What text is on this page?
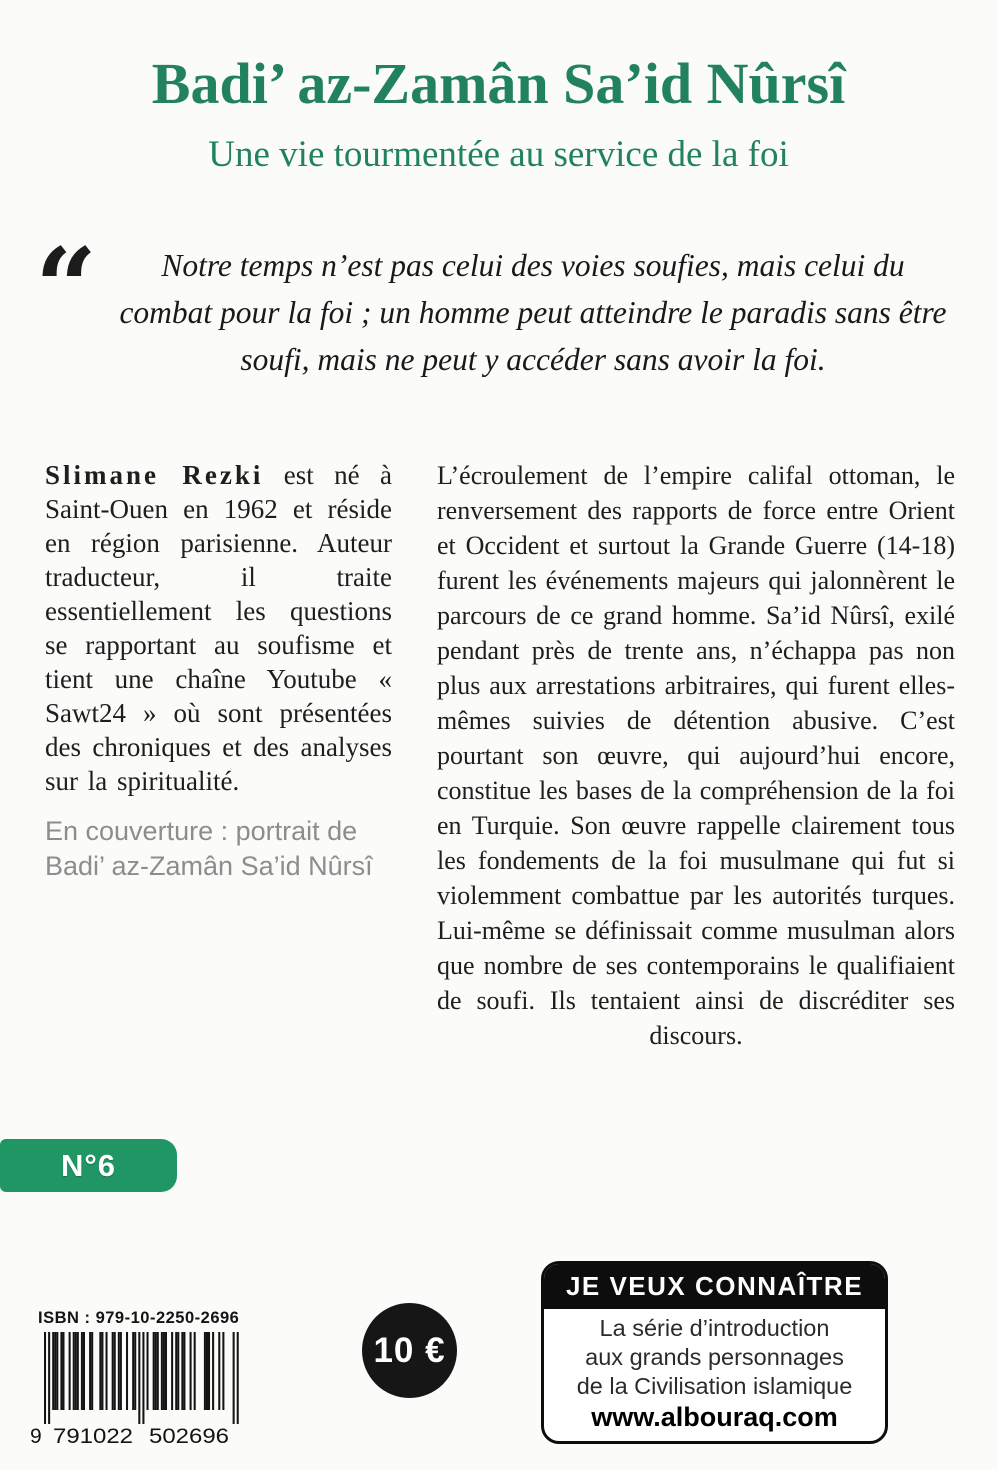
Badi’ az-Zamân Sa’id Nûrsî
Une vie tourmentée au service de la foi
“	Notre temps n’est pas celui des voies soufies, mais celui du combat pour la foi ; un homme peut atteindre le paradis sans être soufi, mais ne peut y accéder sans avoir la foi.

Slimane Rezki est né à Saint-Ouen en 1962 et réside en région parisienne. Auteur traducteur, il traite essentiellement les questions se rapportant au soufisme et tient une chaîne Youtube « Sawt24 » où sont présentées des chroniques et des analyses sur la spiritualité.

En couverture : portrait de Badi’ az-Zamân Sa’id Nûrsî

L’écroulement de l’empire califal ottoman, le renversement des rapports de force entre Orient et Occident et surtout la Grande Guerre (14-18) furent les événements majeurs qui jalonnèrent le parcours de ce grand homme. Sa’id Nûrsî, exilé pendant près de trente ans, n’échappa pas non plus aux arrestations arbitraires, qui furent elles-mêmes suivies de détention abusive. C’est pourtant son œuvre, qui aujourd’hui encore, constitue les bases de la compréhension de la foi en Turquie. Son œuvre rappelle clairement tous les fondements de la foi musulmane qui fut si violemment combattue par les autorités turques. Lui-même se définissait comme musulman alors que nombre de ses contemporains le qualifiaient de soufi. Ils tentaient ainsi de discréditer ses discours.

N°6
ISBN : 979-10-2250-2696
9 791022 502696
10 €
JE VEUX CONNAÎTRE
La série d’introduction
aux grands personnages
de la Civilisation islamique
www.albouraq.com
